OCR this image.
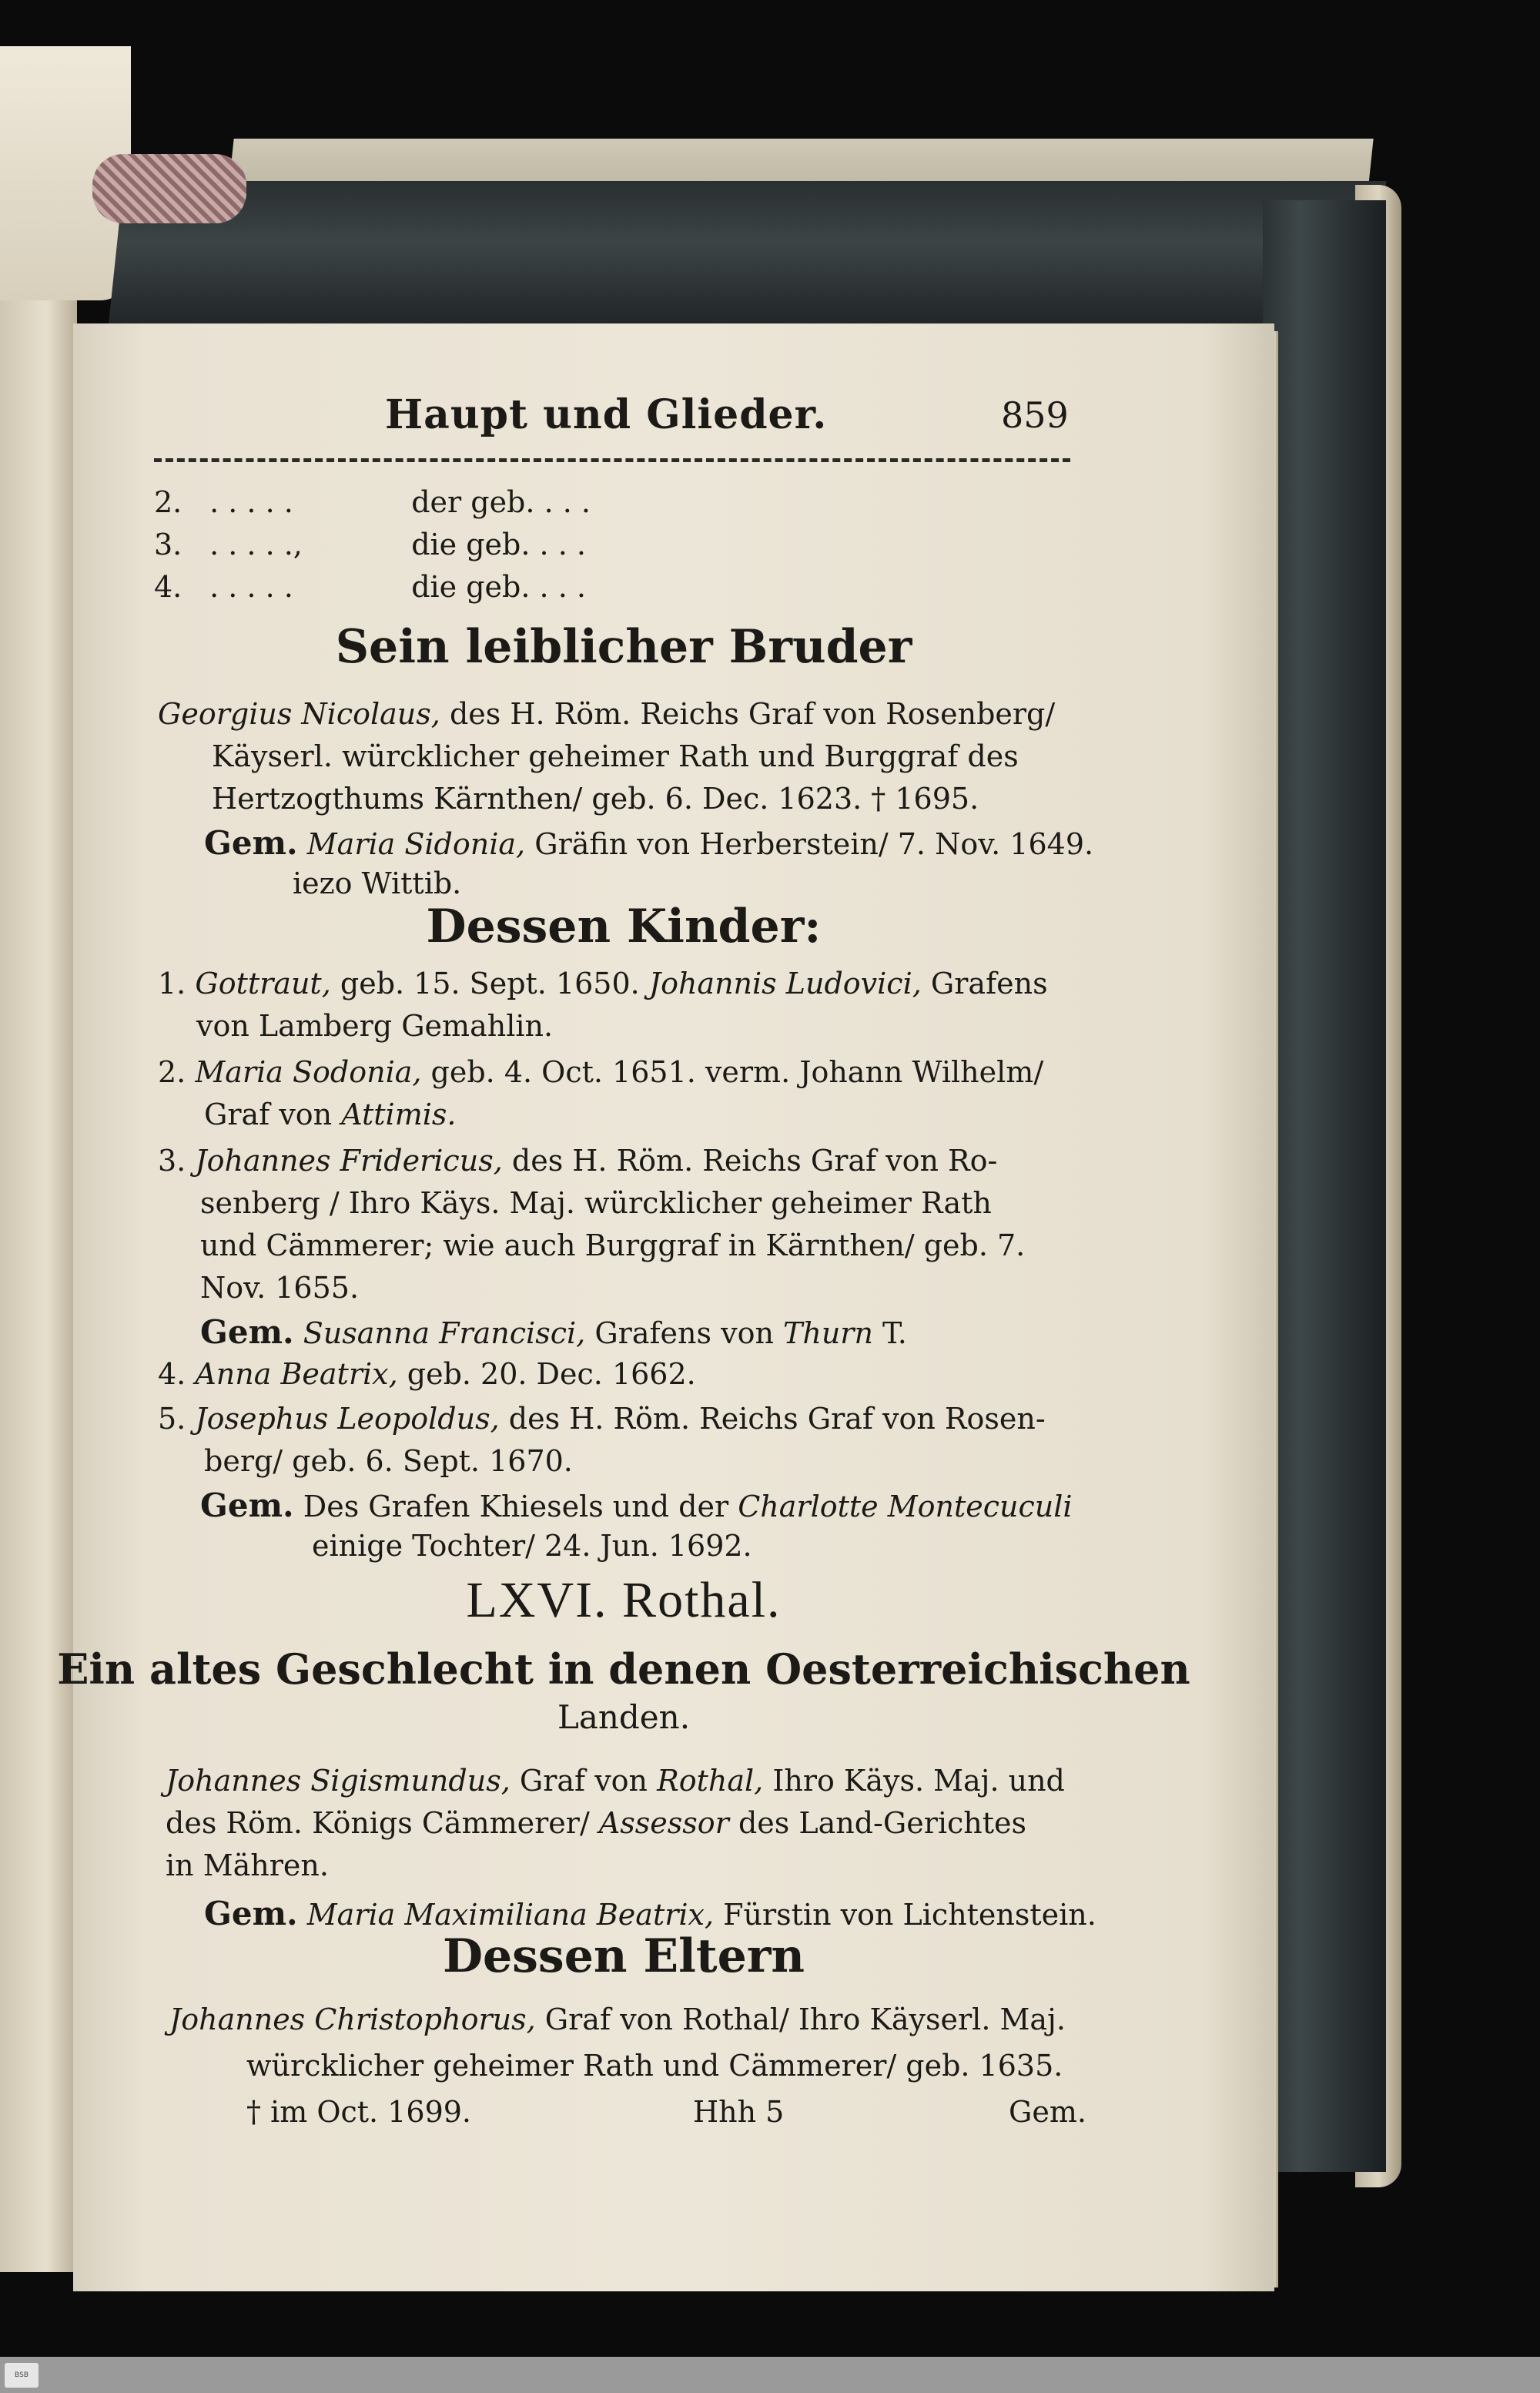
Haupt und Glieder.	859
2. . . . . .	der geb. . . .
3. . . . . .,	die geb. . . .
4. . . . . .	die geb. . . .
Sein leiblicher Bruder
Georgius Nicolaus, des H. Röm. Reichs Graf von Rosenberg/
Käyserl. würcklicher geheimer Rath und Burggraf des
Hertzogthums Kärnthen/ geb. 6. Dec. 1623. † 1695.
Gem. Maria Sidonia, Gräfin von Herberstein/ 7. Nov. 1649.
iezo Wittib.
Dessen Kinder:
1. Gottraut, geb. 15. Sept. 1650. Johannis Ludovici, Grafens
von Lamberg Gemahlin.
2. Maria Sodonia, geb. 4. Oct. 1651. verm. Johann Wilhelm/
Graf von Attimis.
3. Johannes Fridericus, des H. Röm. Reichs Graf von Ro-
senberg / Ihro Käys. Maj. würcklicher geheimer Rath
und Cämmerer; wie auch Burggraf in Kärnthen/ geb. 7.
Nov. 1655.
Gem. Susanna Francisci, Grafens von Thurn T.
4. Anna Beatrix, geb. 20. Dec. 1662.
5. Josephus Leopoldus, des H. Röm. Reichs Graf von Rosen-
berg/ geb. 6. Sept. 1670.
Gem. Des Grafen Khiesels und der Charlotte Montecuculi
einige Tochter/ 24. Jun. 1692.
LXVI. Rothal.
Ein altes Geschlecht in denen Oesterreichischen
Landen.
Johannes Sigismundus, Graf von Rothal, Ihro Käys. Maj. und
des Röm. Königs Cämmerer/ Assessor des Land-Gerichtes
in Mähren.
Gem. Maria Maximiliana Beatrix, Fürstin von Lichtenstein.
Dessen Eltern
Johannes Christophorus, Graf von Rothal/ Ihro Käyserl. Maj.
würcklicher geheimer Rath und Cämmerer/ geb. 1635.
† im Oct. 1699.	Hhh 5	Gem.
BSB
